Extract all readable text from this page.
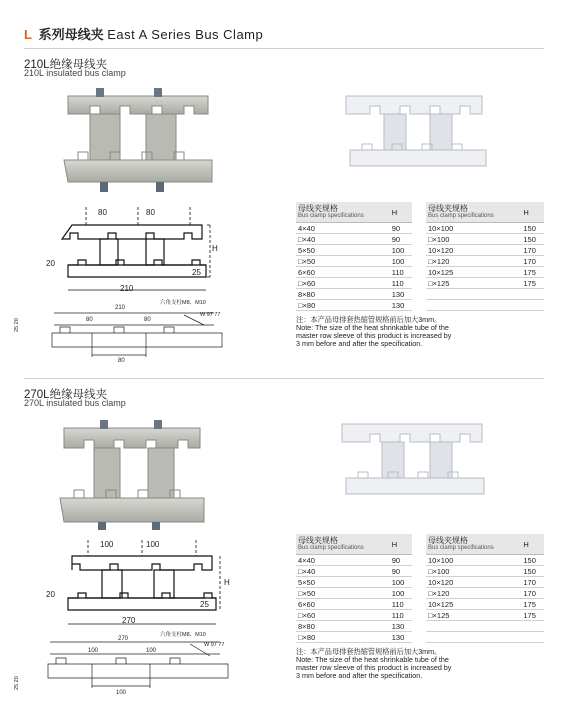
L 系列母线夹 East A Series Bus Clamp
210L绝缘母线夹
210L insulated bus clamp
80	80
H
20
25
210
210
80	80
80
六角支柱M8、M10
W 97 77
25 20
母线夹规格
Bus clamp specifications	H
4×40	90
□×40	90
5×50	100
□×50	100
6×60	110
□×60	110
8×80	130
□×80	130
母线夹规格
Bus clamp specifications	H
10×100	150
□×100	150
10×120	170
□×120	170
10×125	175
□×125	175

注：本产品母排套热缩管规格前后加大3mm。
Note: The size of the heat shrinkable tube of the master row sleeve of this product is increased by 3 mm before and after the specification.
270L绝缘母线夹
270L insulated bus clamp
100	100
H
20
25
270
270
100	100
100
六角支柱M8、M10
W 97 77
25 20
母线夹规格
Bus clamp specifications	H
4×40	90
□×40	90
5×50	100
□×50	100
6×60	110
□×60	110
8×80	130
□×80	130
母线夹规格
Bus clamp specifications	H
10×100	150
□×100	150
10×120	170
□×120	170
10×125	175
□×125	175

注：本产品母排套热缩管规格前后加大3mm。
Note: The size of the heat shrinkable tube of the master row sleeve of this product is increased by 3 mm before and after the specification.
